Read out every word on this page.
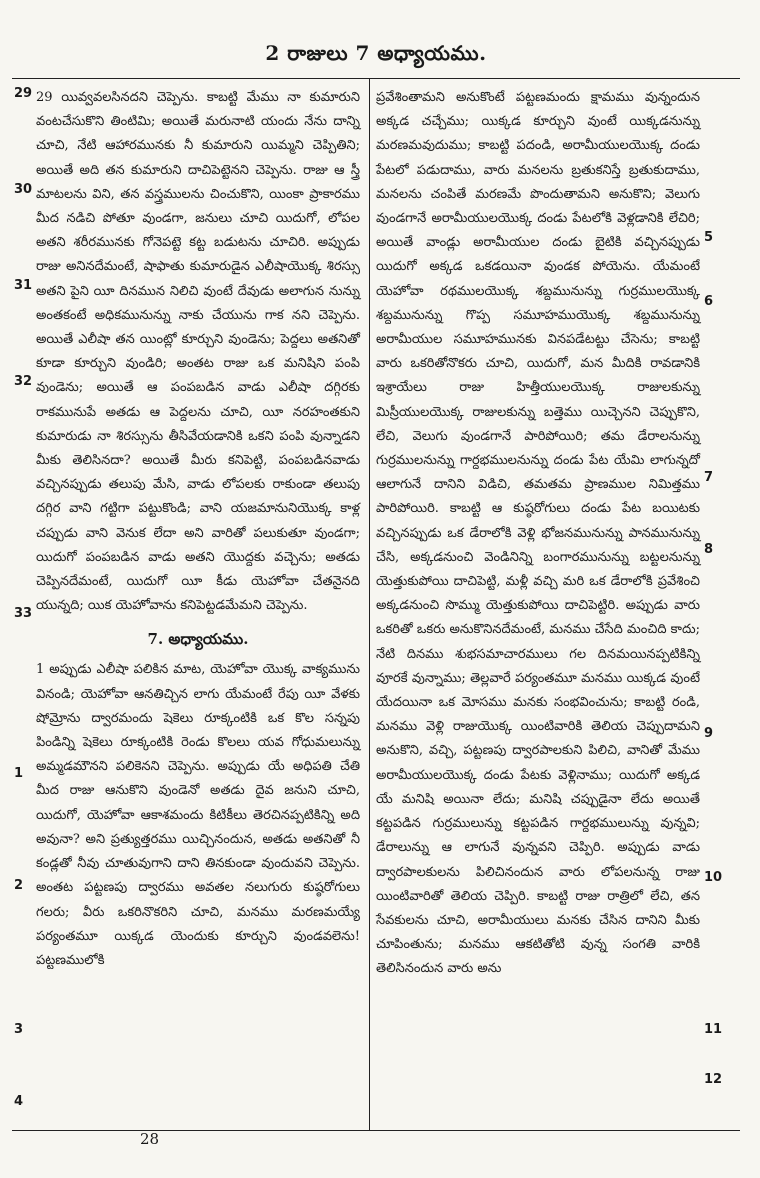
2 రాజులు 7 అధ్యాయము.

29 యివ్వవలసినదని చెప్పెను. కాబట్టి మేము నా కుమారుని వంటచేసుకొని తింటిమి; అయితే మరునాటి యందు నేను దాన్ని చూచి, నేటి ఆహారమునకు నీ కుమారుని యిమ్మని చెప్పితిని; అయితే అది తన కుమారుని దాచిపెట్టెనని చెప్పెను. రాజు ఆ స్త్రీ మాటలను విని, తన వస్త్రములను చించుకొని, యింకా ప్రాకారము మీద నడిచి పోతూ వుండగా, జనులు చూచి యిదుగో, లోపల అతని శరీరమునకు గోనెపట్టె కట్ట బడుటను చూచిరి. అప్పుడు రాజు అనినదేమంటే, షాఫాతు కుమారుడైన ఎలీషాయొక్క శిరస్సు అతని పైని యీ దినమున నిలిచి వుంటే దేవుడు అలాగున నున్ను అంతకంటే అధికమునున్ను నాకు చేయును గాక నని చెప్పెను. అయితే ఎలీషా తన యింట్లో కూర్చుని వుండెను; పెద్దలు అతనితో కూడా కూర్చుని వుండిరి; అంతట రాజు ఒక మనిషిని పంపి వుండెను; అయితే ఆ పంపబడిన వాడు ఎలీషా దగ్గిరకు రాకమునుపే అతడు ఆ పెద్దలను చూచి, యీ నరహంతకుని కుమారుడు నా శిరస్సును తీసివేయడానికి ఒకని పంపి వున్నాడని మీకు తెలిసినదా? అయితే మీరు కనిపెట్టి, పంపబడినవాడు వచ్చినప్పుడు తలుపు మేసి, వాడు లోపలకు రాకుండా తలుపు దగ్గిర వాని గట్టిగా పట్టుకొండి; వాని యజమానునియొక్క కాళ్ల చప్పుడు వాని వెనుక లేదా అని వారితో పలుకుతూ వుండగా; యిదుగో పంపబడిన వాడు అతని యొద్దకు వచ్చెను; అతడు చెప్పినదేమంటే, యిదుగో యీ కీడు యెహోవా చేతనైనది యున్నది; యిక యెహోవాను కనిపెట్టడమేమని చెప్పెను.

7. అధ్యాయము.

1 అప్పుడు ఎలీషా పలికిన మాట, యెహోవా యొక్క వాక్యమును వినండి; యెహోవా ఆనతిచ్చిన లాగు యేమంటే రేపు యీ వేళకు షోమ్రోను ద్వారమందు షెకెలు రూక్కంటికి ఒక కొల సన్నపు పిండిన్ని షెకెలు రూక్కంటికి రెండు కొలలు యవ గోధుమలున్ను అమ్మడమౌనని పలికెనని చెప్పెను. అప్పుడు యే అధిపతి చేతి మీద రాజు ఆనుకొని వుండెనో అతడు దైవ జనుని చూచి, యిదుగో, యెహోవా ఆకాశమందు కిటికీలు తెరచినప్పటికిన్ని అది అవునా? అని ప్రత్యుత్తరము యిచ్చినందున, అతడు అతనితో నీ కండ్లతో నీవు చూతువుగాని దాని తినకుండా వుందువని చెప్పెను. అంతట పట్టణపు ద్వారము అవతల నలుగురు కుష్ఠరోగులు గలరు; వీరు ఒకరినొకరిని చూచి, మనము మరణమయ్యే పర్యంతమూ యిక్కడ యెందుకు కూర్చుని వుండవలెను! పట్టణములోకి

ప్రవేశింతామని అనుకొంటే పట్టణమందు క్షామము వున్నందున అక్కడ చచ్చేము; యిక్కడ కూర్చుని వుంటే యిక్కడనున్ను మరణమవుదుము; కాబట్టి పదండి, అరామీయులయొక్క దండు పేటలో పడుదాము, వారు మనలను బ్రతుకనిస్తే బ్రతుకుదాము, మనలను చంపితే మరణమే పొందుతామని అనుకొని; వెలుగు వుండగానే అరామీయులయొక్క దండు పేటలోకి వెళ్లడానికి లేచిరి; అయితే వాండ్లు అరామీయుల దండు బైటికి వచ్చినప్పుడు యిదుగో అక్కడ ఒకడయినా వుండక పోయెను. యేమంటే యెహోవా రథములయొక్క శబ్దమునున్ను గుర్రములయొక్క శబ్దమునున్ను గొప్ప సమూహముయొక్క శబ్దమునున్ను అరామీయుల సమూహమునకు వినపడేటట్టు చేసెను; కాబట్టి వారు ఒకరితోనొకరు చూచి, యిదుగో, మన మీదికి రావడానికి ఇశ్రాయేలు రాజు హిత్తీయులయొక్క రాజులకున్ను మిస్రీయులయొక్క రాజులకున్ను బత్తెము యిచ్చెనని చెప్పుకొని, లేచి, వెలుగు వుండగానే పారిపోయిరి; తమ డేరాలనున్ను గుర్రములనున్ను గార్దభములనున్ను దండు పేట యేమి లాగున్నదో ఆలాగునే దానిని విడిచి, తమతమ ప్రాణముల నిమిత్తము పారిపోయిరి. కాబట్టి ఆ కుష్ఠరోగులు దండు పేట బయిటకు వచ్చినప్పుడు ఒక డేరాలోకి వెళ్లి భోజనమునున్ను పానమునున్ను చేసి, అక్కడనుంచి వెండినిన్ని బంగారమునున్ను బట్టలనున్ను యెత్తుకుపోయి దాచిపెట్టి, మళ్లీ వచ్చి మరి ఒక డేరాలోకి ప్రవేశించి అక్కడనుంచి సొమ్ము యెత్తుకుపోయి దాచిపెట్టిరి. అప్పుడు వారు ఒకరితో ఒకరు అనుకొనినదేమంటే, మనము చేసేది మంచిది కాదు; నేటి దినము శుభసమాచారములు గల దినమయినప్పటికిన్ని వూరకే వున్నాము; తెల్లవారే పర్యంతమూ మనము యిక్కడ వుంటే యేదయినా ఒక మోసము మనకు సంభవించును; కాబట్టి రండి, మనము వెళ్లి రాజుయొక్క యింటివారికి తెలియ చెప్పుదామని అనుకొని, వచ్చి, పట్టణపు ద్వారపాలకుని పిలిచి, వానితో మేము అరామీయులయొక్క దండు పేటకు వెళ్లినాము; యిదుగో అక్కడ యే మనిషి అయినా లేదు; మనిషి చప్పుడైనా లేదు అయితే కట్టపడిన గుర్రములున్ను కట్టపడిన గార్దభములున్ను వున్నవి; డేరాలున్ను ఆ లాగునే వున్నవని చెప్పిరి. అప్పుడు వాడు ద్వారపాలకులను పిలిచినందున వారు లోపలనున్న రాజు యింటివారితో తెలియ చెప్పిరి. కాబట్టి రాజు రాత్రిలో లేచి, తన సేవకులను చూచి, అరామీయులు మనకు చేసిన దానిని మీకు చూపింతును; మనము ఆకటితోటి వున్న సంగతి వారికి తెలిసినందున వారు అను

29
30
31
32
33
1
2
3
4
5
6
7
8
9
10
11
12
28
